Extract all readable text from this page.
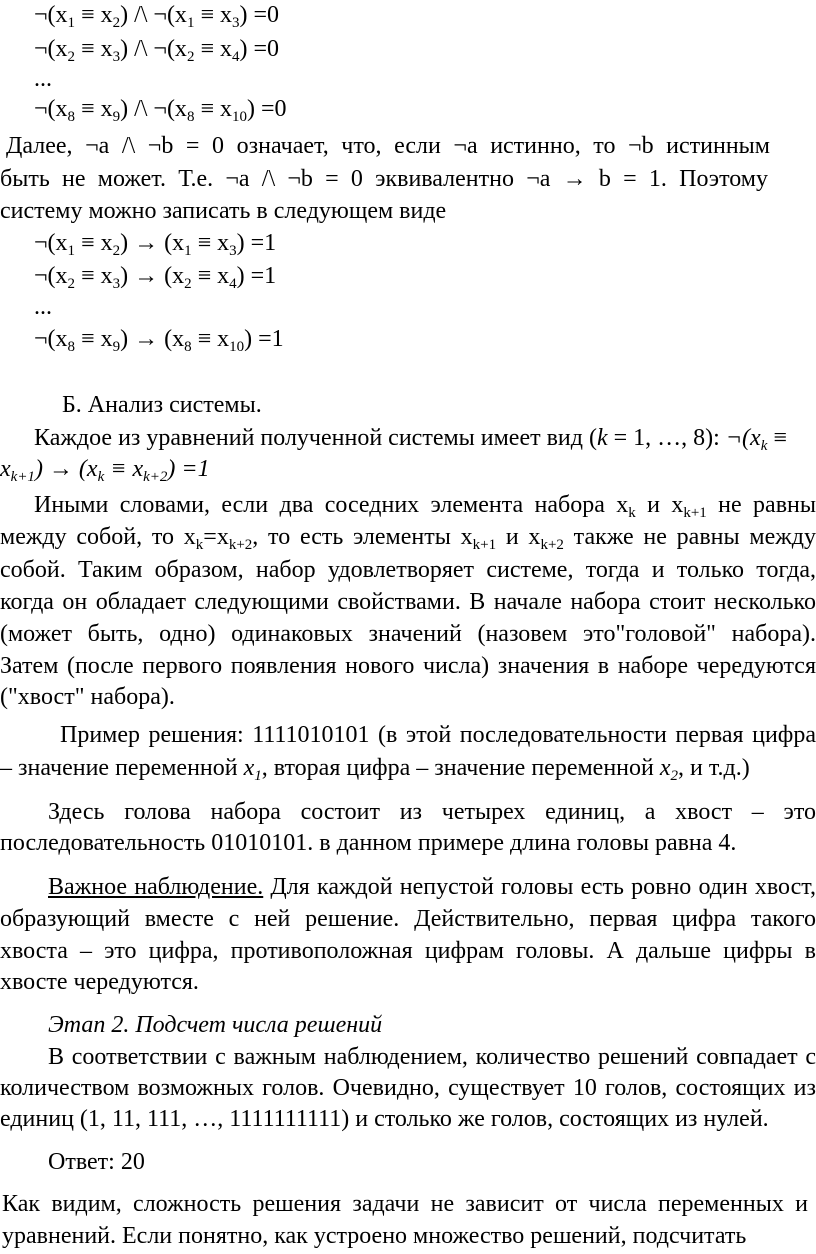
$\neg(x_1 \equiv x_2)$ /\ $\neg(x_1 \equiv x_3) =0$
$\neg(x_2 \equiv x_3)$ /\ $\neg(x_2 \equiv x_4) =0$
...
$\neg(x_8 \equiv x_9)$ /\ $\neg(x_8 \equiv x_{10}) =0$
Далее, ¬a /\ ¬b = 0 означает, что, если ¬a истинно, то ¬b истинным
быть не может. Т.е. ¬a /\ ¬b = 0 эквивалентно ¬a → b = 1. Поэтому
систему можно записать в следующем виде
$\neg(x_1 \equiv x_2) \to (x_1 \equiv x_3) =1$
$\neg(x_2 \equiv x_3) \to (x_2 \equiv x_4) =1$
...
$\neg(x_8 \equiv x_9) \to (x_8 \equiv x_{10}) =1$
Б. Анализ системы.
Каждое из уравнений полученной системы имеет вид (k = 1, …, 8): $\neg(x_k$ ≡
$x_{k+1}) \to (x_k \equiv x_{k+2}) =1$
Иными словами, если два соседних элемента набора $x_k$ и $x_{k+1}$ не равны
между собой, то $x_k=x_{k+2}$, то есть элементы $x_{k+1}$ и $x_{k+2}$ также не равны между
собой. Таким образом, набор удовлетворяет системе, тогда и только тогда,
когда он обладает следующими свойствами. В начале набора стоит несколько
(может быть, одно) одинаковых значений (назовем это"головой" набора).
Затем (после первого появления нового числа) значения в наборе чередуются
("хвост" набора).
Пример решения: 1111010101 (в этой последовательности первая цифра
– значение переменной $x_1$, вторая цифра – значение переменной $x_2$, и т.д.)
Здесь голова набора состоит из четырех единиц, а хвост – это
последовательность 01010101. в данном примере длина головы равна 4.
Важное наблюдение. Для каждой непустой головы есть ровно один хвост,
образующий вместе с ней решение. Действительно, первая цифра такого
хвоста – это цифра, противоположная цифрам головы. А дальше цифры в
хвосте чередуются.
Этап 2. Подсчет числа решений
В соответствии с важным наблюдением, количество решений совпадает с
количеством возможных голов. Очевидно, существует 10 голов, состоящих из
единиц (1, 11, 111, …, 1111111111) и столько же голов, состоящих из нулей.
Ответ: 20
Как видим, сложность решения задачи не зависит от числа переменных и
уравнений. Если понятно, как устроено множество решений, подсчитать
